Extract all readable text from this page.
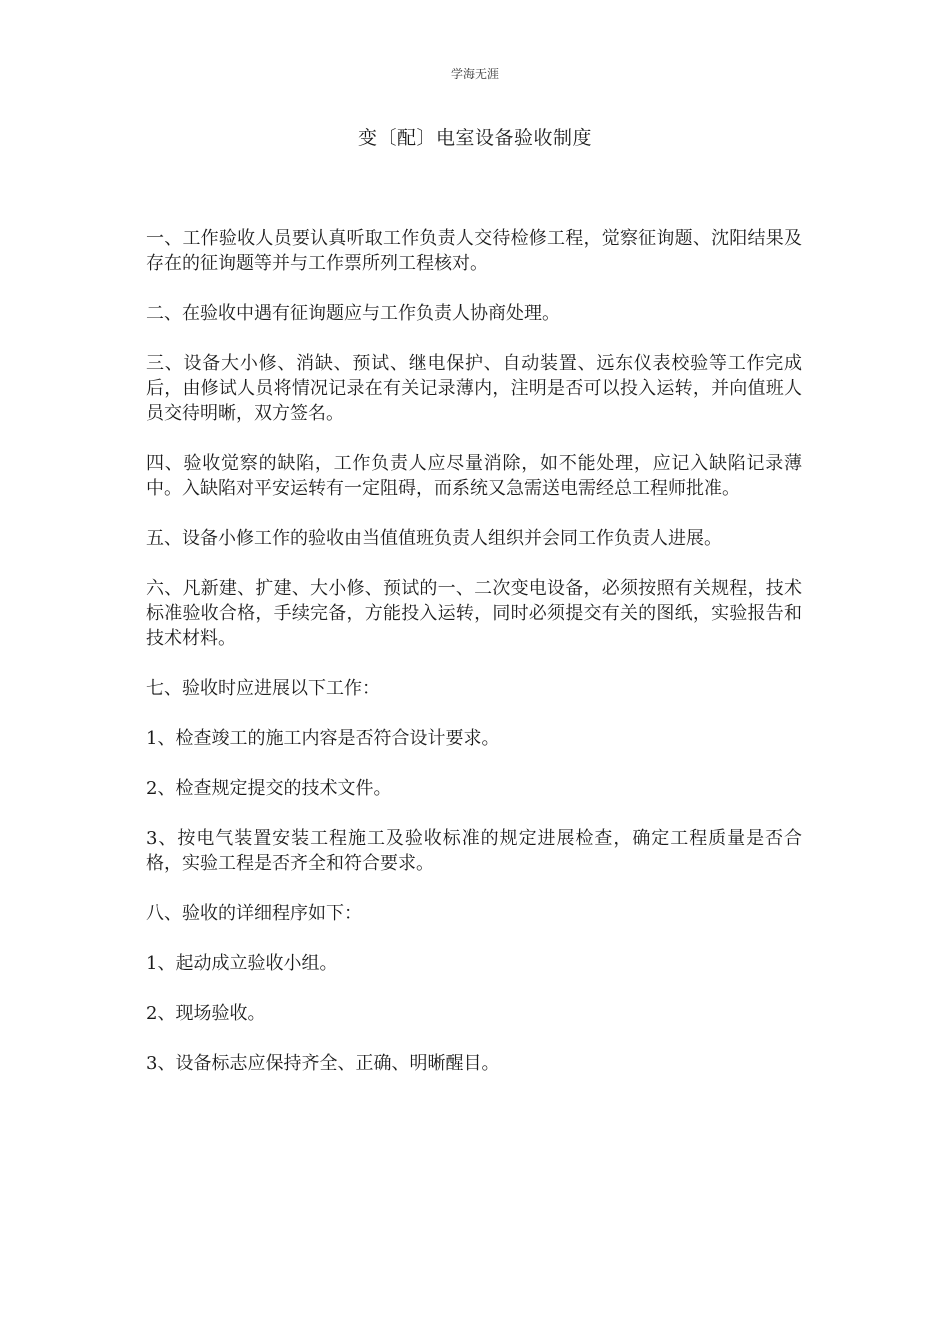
学海无涯
变〔配〕电室设备验收制度

一、工作验收人员要认真听取工作负责人交待检修工程，觉察征询题、沈阳结果及存在的征询题等并与工作票所列工程核对。

二、在验收中遇有征询题应与工作负责人协商处理。

三、设备大小修、消缺、预试、继电保护、自动装置、远东仪表校验等工作完成后，由修试人员将情况记录在有关记录薄内，注明是否可以投入运转，并向值班人员交待明晰，双方签名。

四、验收觉察的缺陷，工作负责人应尽量消除，如不能处理，应记入缺陷记录薄中。入缺陷对平安运转有一定阻碍，而系统又急需送电需经总工程师批准。

五、设备小修工作的验收由当值值班负责人组织并会同工作负责人进展。

六、凡新建、扩建、大小修、预试的一、二次变电设备，必须按照有关规程，技术标准验收合格，手续完备，方能投入运转，同时必须提交有关的图纸，实验报告和技术材料。

七、验收时应进展以下工作：

1、检查竣工的施工内容是否符合设计要求。

2、检查规定提交的技术文件。

3、按电气装置安装工程施工及验收标准的规定进展检查，确定工程质量是否合格，实验工程是否齐全和符合要求。

八、验收的详细程序如下：

1、起动成立验收小组。

2、现场验收。

3、设备标志应保持齐全、正确、明晰醒目。
